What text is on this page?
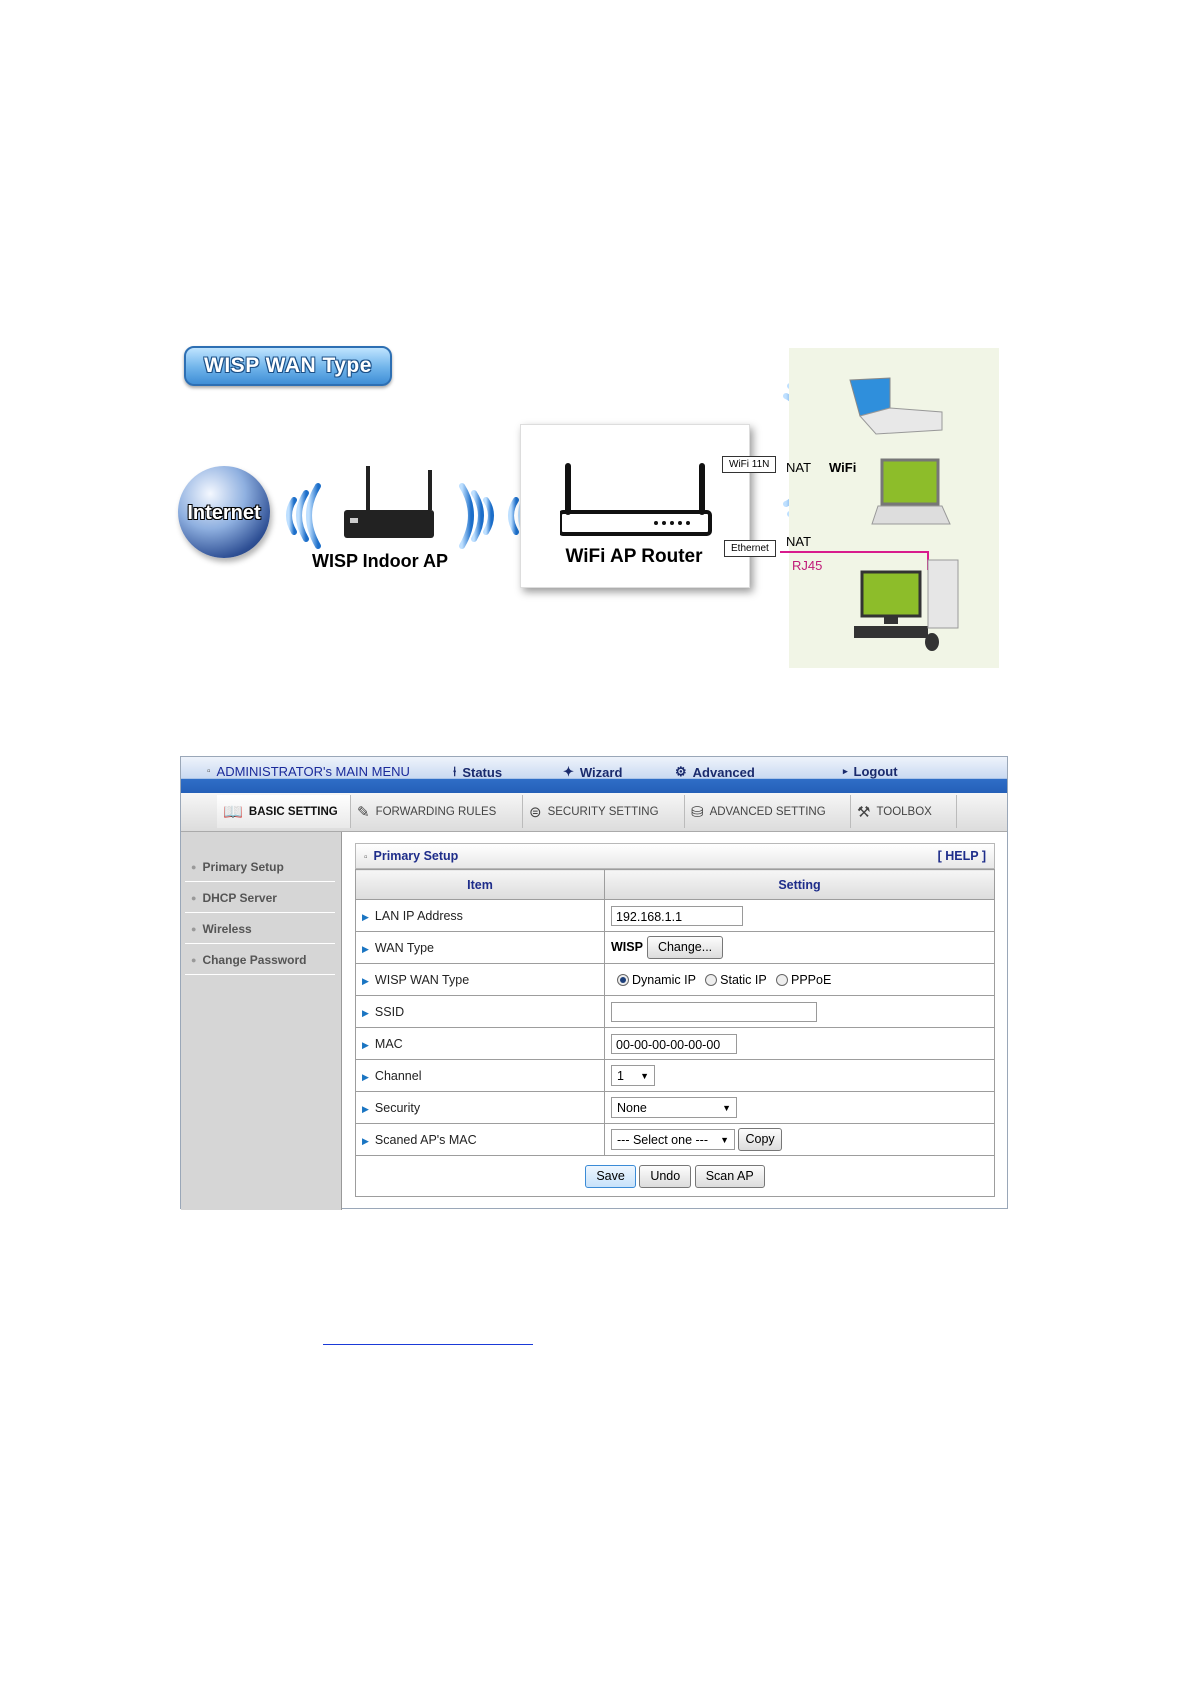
WISP WAN Type
Internet
WISP Indoor AP	WiFi AP Router
WiFi 11N
Ethernet
NAT WiFi
NAT
RJ45
▫ ADMINISTRATOR's MAIN MENU	⍿ Status	✦ Wizard	⚙ Advanced	▸ Logout
📖 BASIC SETTING ✎ FORWARDING RULES ⊜ SECURITY SETTING ⛁ ADVANCED SETTING ⚒ TOOLBOX
● Primary Setup
● DHCP Server
● Wireless
● Change Password
▫ Primary Setup	[ HELP ]
Item	Setting
▶ LAN IP Address	192.168.1.1
▶ WAN Type	WISP Change...
▶ WISP WAN Type	Dynamic IP Static IP PPPoE
▶ SSID	
▶ MAC	00-00-00-00-00-00
▶ Channel	1 ▼

▶ Security	None ▼

▶ Scaned AP's MAC	--- Select one --- ▼ Copy
Save Undo Scan AP	
